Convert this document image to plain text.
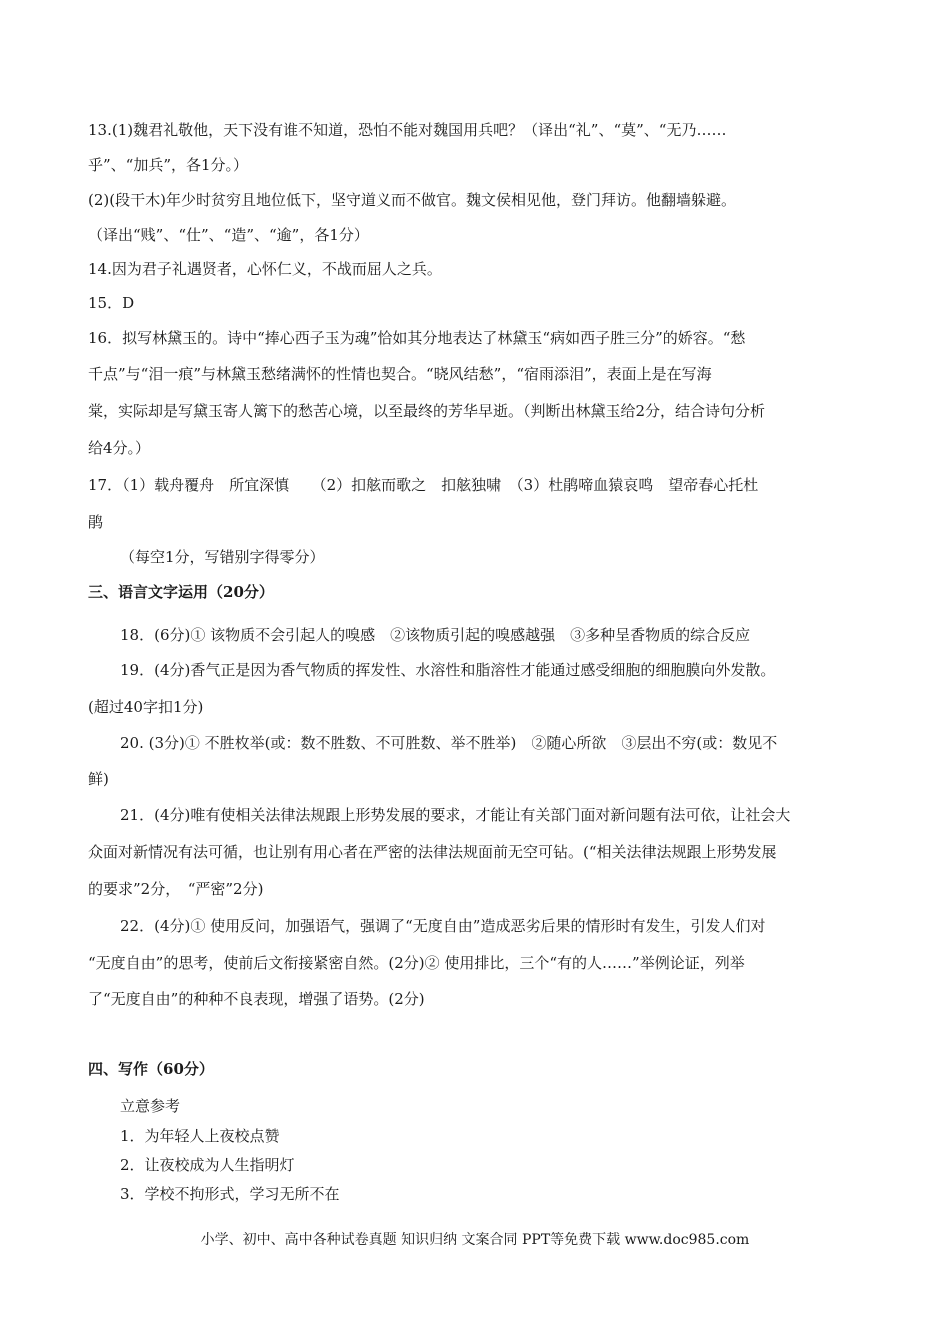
13.(1)魏君礼敬他，天下没有谁不知道，恐怕不能对魏国用兵吧？（译出“礼”、“莫”、“无乃……
乎”、“加兵”，各1分。）
(2)(段干木)年少时贫穷且地位低下，坚守道义而不做官。魏文侯相见他，登门拜访。他翻墙躲避。
（译出“贱”、“仕”、“造”、“逾”，各1分）
14.因为君子礼遇贤者，心怀仁义，不战而屈人之兵。
15．D
16．拟写林黛玉的。诗中“捧心西子玉为魂”恰如其分地表达了林黛玉“病如西子胜三分”的娇容。“愁
千点”与“泪一痕”与林黛玉愁绪满怀的性情也契合。“晓风结愁”，“宿雨添泪”，表面上是在写海
棠，实际却是写黛玉寄人篱下的愁苦心境，以至最终的芳华早逝。（判断出林黛玉给2分，结合诗句分析
给4分。）
17．（1）载舟覆舟　所宜深慎　　（2）扣舷而歌之　扣舷独啸　（3）杜鹃啼血猿哀鸣　望帝春心托杜
鹃
（每空1分，写错别字得零分）
三、语言文字运用（20分）
18．(6分)① 该物质不会引起人的嗅感　②该物质引起的嗅感越强　③多种呈香物质的综合反应
19．(4分)香气正是因为香气物质的挥发性、水溶性和脂溶性才能通过感受细胞的细胞膜向外发散。
(超过40字扣1分)
20. (3分)① 不胜枚举(或：数不胜数、不可胜数、举不胜举)　②随心所欲　③层出不穷(或：数见不
鲜)
21．(4分)唯有使相关法律法规跟上形势发展的要求，才能让有关部门面对新问题有法可依，让社会大
众面对新情况有法可循，也让别有用心者在严密的法律法规面前无空可钻。(“相关法律法规跟上形势发展
的要求”2分，　“严密”2分)
22．(4分)① 使用反问，加强语气，强调了“无度自由”造成恶劣后果的情形时有发生，引发人们对
“无度自由”的思考，使前后文衔接紧密自然。(2分)② 使用排比，三个“有的人……”举例论证，列举
了“无度自由”的种种不良表现，增强了语势。(2分)
四、写作（60分）
立意参考
1．为年轻人上夜校点赞
2．让夜校成为人生指明灯
3．学校不拘形式，学习无所不在
小学、初中、高中各种试卷真题 知识归纳 文案合同 PPT等免费下载 www.doc985.com
